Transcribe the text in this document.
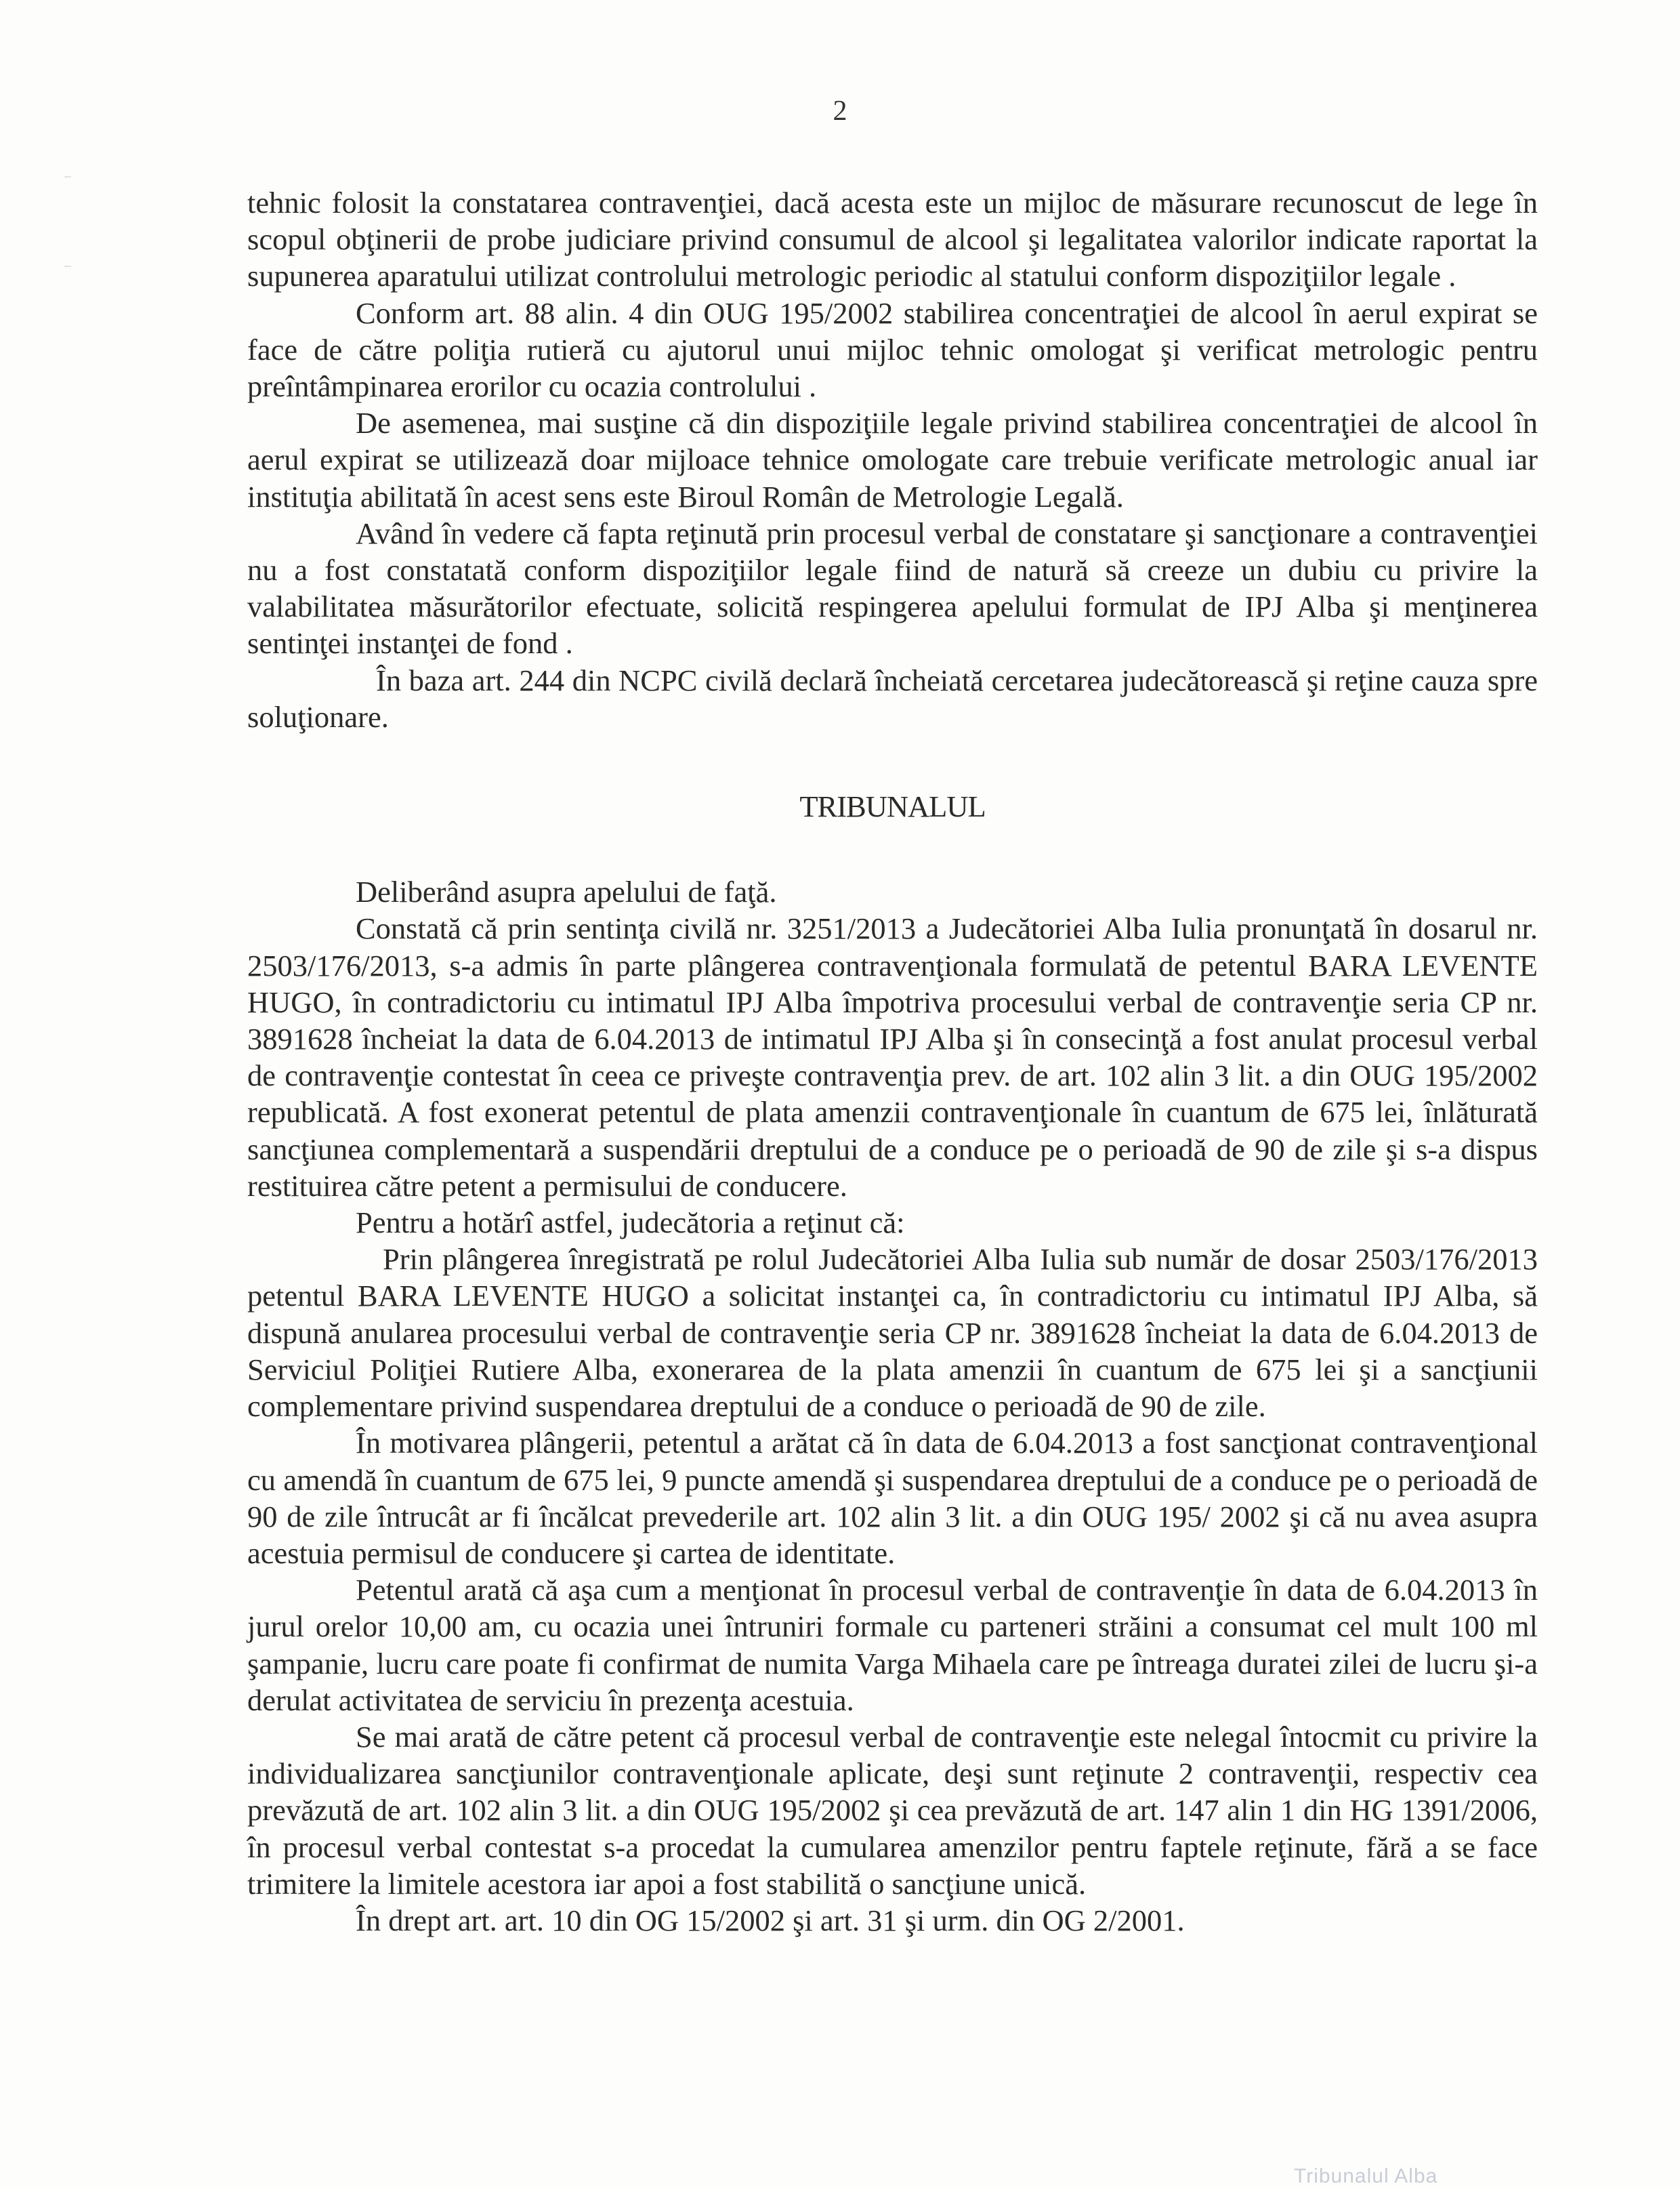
2

tehnic folosit la constatarea contravenţiei, dacă acesta este un mijloc de măsurare recunoscut de lege în scopul obţinerii de probe judiciare privind consumul de alcool şi legalitatea valorilor indicate raportat la supunerea aparatului utilizat controlului metrologic periodic al statului conform dispoziţiilor legale .

Conform art. 88 alin. 4 din OUG 195/2002 stabilirea concentraţiei de alcool în aerul expirat se face de către poliţia rutieră cu ajutorul unui mijloc tehnic omologat şi verificat metrologic pentru preîntâmpinarea erorilor cu ocazia controlului .

De asemenea, mai susţine că din dispoziţiile legale privind stabilirea concentraţiei de alcool în aerul expirat se utilizează doar mijloace tehnice omologate care trebuie verificate metrologic anual iar instituţia abilitată în acest sens este Biroul Român de Metrologie Legală.

Având în vedere că fapta reţinută prin procesul verbal de constatare şi sancţionare a contravenţiei nu a fost constatată conform dispoziţiilor legale fiind de natură să creeze un dubiu cu privire la valabilitatea măsurătorilor efectuate, solicită respingerea apelului formulat de IPJ Alba şi menţinerea sentinţei instanţei de fond .

În baza art. 244 din NCPC civilă declară încheiată cercetarea judecătorească şi reţine cauza spre soluţionare.

TRIBUNALUL

Deliberând asupra apelului de faţă.

Constată că prin sentinţa civilă nr. 3251/2013 a Judecătoriei Alba Iulia pronunţată în dosarul nr. 2503/176/2013, s-a admis în parte plângerea contravenţionala formulată de petentul BARA LEVENTE HUGO, în contradictoriu cu intimatul IPJ Alba împotriva procesului verbal de contravenţie seria CP nr. 3891628 încheiat la data de 6.04.2013 de intimatul IPJ Alba şi în consecinţă a fost anulat procesul verbal de contravenţie contestat în ceea ce priveşte contravenţia prev. de art. 102 alin 3 lit. a din OUG 195/2002 republicată. A fost exonerat petentul de plata amenzii contravenţionale în cuantum de 675 lei, înlăturată sancţiunea complementară a suspendării dreptului de a conduce pe o perioadă de 90 de zile şi s-a dispus restituirea către petent a permisului de conducere.

Pentru a hotărî astfel, judecătoria a reţinut că:

Prin plângerea înregistrată pe rolul Judecătoriei Alba Iulia sub număr de dosar 2503/176/2013 petentul BARA LEVENTE HUGO a solicitat instanţei ca, în contradictoriu cu intimatul IPJ Alba, să dispună anularea procesului verbal de contravenţie seria CP nr. 3891628 încheiat la data de 6.04.2013 de Serviciul Poliţiei Rutiere Alba, exonerarea de la plata amenzii în cuantum de 675 lei şi a sancţiunii complementare privind suspendarea dreptului de a conduce o perioadă de 90 de zile.

În motivarea plângerii, petentul a arătat că în data de 6.04.2013 a fost sancţionat contravenţional cu amendă în cuantum de 675 lei, 9 puncte amendă şi suspendarea dreptului de a conduce pe o perioadă de 90 de zile întrucât ar fi încălcat prevederile art. 102 alin 3 lit. a din OUG 195/ 2002 şi că nu avea asupra acestuia permisul de conducere şi cartea de identitate.

Petentul arată că aşa cum a menţionat în procesul verbal de contravenţie în data de 6.04.2013 în jurul orelor 10,00 am, cu ocazia unei întruniri formale cu parteneri străini a consumat cel mult 100 ml şampanie, lucru care poate fi confirmat de numita Varga Mihaela care pe întreaga duratei zilei de lucru şi-a derulat activitatea de serviciu în prezenţa acestuia.

Se mai arată de către petent că procesul verbal de contravenţie este nelegal întocmit cu privire la individualizarea sancţiunilor contravenţionale aplicate, deşi sunt reţinute 2 contravenţii, respectiv cea prevăzută de art. 102 alin 3 lit. a din OUG 195/2002 şi cea prevăzută de art. 147 alin 1 din HG 1391/2006, în procesul verbal contestat s-a procedat la cumularea amenzilor pentru faptele reţinute, fără a se face trimitere la limitele acestora iar apoi a fost stabilită o sancţiune unică.

În drept art. art. 10 din OG 15/2002 şi art. 31 şi urm. din OG 2/2001.

Tribunalul Alba
